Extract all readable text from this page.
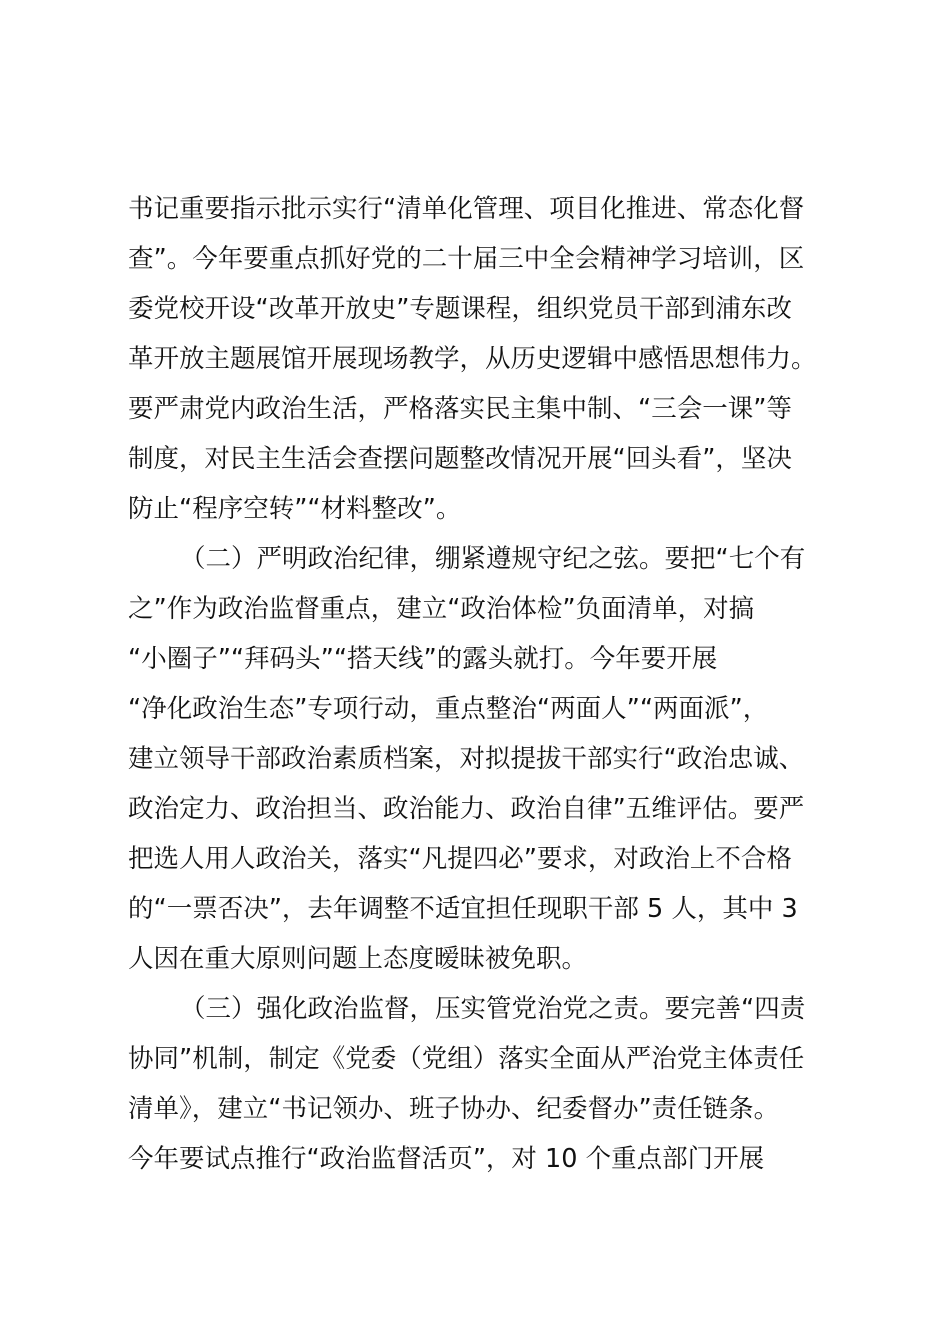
书记重要指示批示实行“清单化管理、项目化推进、常态化督
查”。今年要重点抓好党的二十届三中全会精神学习培训，区
委党校开设“改革开放史”专题课程，组织党员干部到浦东改
革开放主题展馆开展现场教学，从历史逻辑中感悟思想伟力。
要严肃党内政治生活，严格落实民主集中制、“三会一课”等
制度，对民主生活会查摆问题整改情况开展“回头看”，坚决
防止“程序空转”“材料整改”。
（二）严明政治纪律，绷紧遵规守纪之弦。要把“七个有
之”作为政治监督重点，建立“政治体检”负面清单，对搞
“小圈子”“拜码头”“搭天线”的露头就打。今年要开展
“净化政治生态”专项行动，重点整治“两面人”“两面派”，
建立领导干部政治素质档案，对拟提拔干部实行“政治忠诚、
政治定力、政治担当、政治能力、政治自律”五维评估。要严
把选人用人政治关，落实“凡提四必”要求，对政治上不合格
的“一票否决”，去年调整不适宜担任现职干部 5 人，其中 3
人因在重大原则问题上态度暧昧被免职。
（三）强化政治监督，压实管党治党之责。要完善“四责
协同”机制，制定《党委（党组）落实全面从严治党主体责任
清单》，建立“书记领办、班子协办、纪委督办”责任链条。
今年要试点推行“政治监督活页”，对 10 个重点部门开展
